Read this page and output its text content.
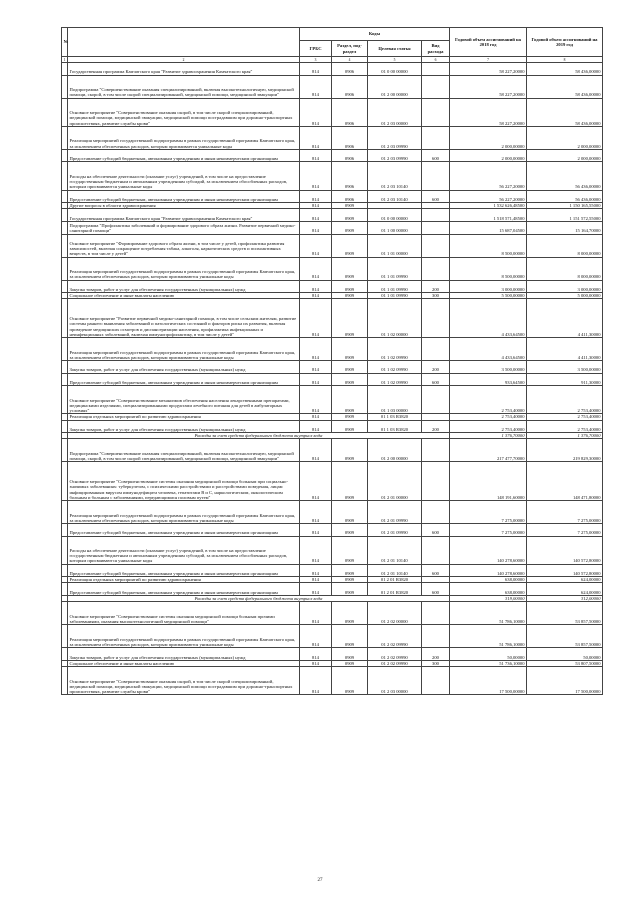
№	Наименование	Коды				Годовой объем ассигнований на 2018 год	Годовой объем ассигнований на 2019 год
		ГРБС	Раздел, под-раздел	Целевая статья	Вид расхода		
1	2	3	4	5	6	7	8
	Государственная программа Камчатского края "Развитие здравоохранения Камчатского края"	814	0906	01 0 00 00000		58 227,20000	58 436,00000
	Подпрограмма "Совершенствование оказания специализированной, включая высокотехнологичную, медицинской помощи, скорой, в том числе скорой специализированной, медицинской помощи, медицинской эвакуации"	814	0906	01 2 00 00000		58 227,20000	58 436,00000
	Основное мероприятие "Совершенствование оказания скорой, в том числе скорой специализированной, медицинской помощи, медицинской эвакуации, медицинской помощи пострадавшим при дорожно-транспортных происшествиях, развитие службы крови"	814	0906	01 2 03 00000		58 227,20000	58 436,00000
	Реализация мероприятий государственной подпрограммы в рамках государственной программы Камчатского края, за исключением обеспеченных расходов, которым присваивается уникальные коды	814	0906	01 2 03 09990		2 000,00000	2 000,00000
	Предоставление субсидий бюджетным, автономным учреждениям и иным некоммерческим организациям	814	0906	01 2 03 09990	600	2 000,00000	2 000,00000
	Расходы на обеспечение деятельности (оказание услуг) учреждений, в том числе на предоставление государственным бюджетным и автономным учреждениям субсидий, за исключением обособленных расходов, которым присваиваются уникальные коды	814	0906	01 2 03 10140		56 227,20000	56 436,00000
	Предоставление субсидий бюджетным, автономным учреждениям и иным некоммерческим организациям	814	0906	01 2 03 10140	600	56 227,20000	56 436,00000
	Другие вопросы в области здравоохранения	814	0909			1 532 626,48500	1 150 165,55000
	Государственная программа Камчатского края "Развитие здравоохранения Камчатского края"	814	0909	01 0 00 00000		1 518 571,48500	1 151 572,55000
	Подпрограмма "Профилактика заболеваний и формирование здорового образа жизни. Развитие первичной медико-санитарной помощи"	814	0909	01 1 00 00000		15 687,04500	15 164,70000
	Основное мероприятие "Формирование здорового образа жизни, в том числе у детей, профилактика развития зависимостей, включая сокращение потребления табака, алкоголя, наркотических средств и психоактивных веществ, в том числе у детей"	814	0909	01 1 01 00000		8 500,00000	8 000,00000
	Реализация мероприятий государственной подпрограммы в рамках государственной программы Камчатского края, за исключением обеспеченных расходов, которым присваиваются уникальные коды	814	0909	01 1 01 09990		8 500,00000	8 000,00000
	Закупка товаров, работ и услуг для обеспечения государственных (муниципальных) нужд	814	0909	01 1 01 09990	200	3 000,00000	3 000,00000
	Социальное обеспечение и иные выплаты населению	814	0909	01 1 01 09990	300	5 500,00000	5 000,00000
	Основное мероприятие "Развитие первичной медико-санитарной помощи, в том числе сельским жителям, развитие системы раннего выявления заболеваний и патологических состояний и факторов риска их развития, включая проведение медицинских осмотров и диспансеризации населения, профилактика инфекционных и неинфекционных заболеваний, включая иммунопрофилактику, в том числе у детей"	814	0909	01 1 02 00000		4 433,64500	4 411,30000
	Реализация мероприятий государственной подпрограммы в рамках государственной программы Камчатского края, за исключением обеспеченных расходов, которым присваиваются уникальные коды	814	0909	01 1 02 09990		4 433,64500	4 411,30000
	Закупка товаров, работ и услуг для обеспечения государственных (муниципальных) нужд	814	0909	01 1 02 09990	200	3 500,00000	3 500,00000
	Предоставление субсидий бюджетным, автономным учреждениям и иным некоммерческим организациям	814	0909	01 1 02 09990	600	933,64500	911,30000
	Основное мероприятие "Совершенствование механизмов обеспечения населения лекарственными препаратами, медицинскими изделиями, специализированными продуктами лечебного питания для детей в амбулаторных условиях"	814	0909	01 1 03 00000		2 753,40000	2 753,40000
	Реализация отдельных мероприятий по развитию здравоохранения	814	0909	01 1 03 R3820		2 753,40000	2 753,40000
	Закупка товаров, работ и услуг для обеспечения государственных (муниципальных) нужд	814	0909	01 1 03 R3820	200	2 753,40000	2 753,40000
	Расходы за счет средств федерального бюджета внутрисх кода					1 376,70000	1 376,70000
	Подпрограмма "Совершенствование оказания специализированной, включая высокотехнологичную, медицинской помощи, скорой, в том числе скорой специализированной, медицинской помощи, медицинской эвакуации"	814	0909	01 2 00 00000		217 477,70000	219 829,30000
	Основное мероприятие "Совершенствование системы оказания медицинской помощи больным при социально-значимых заболеваниях: туберкулезом, с психическими расстройствами и расстройствами поведения, лицам инфицированным вирусом иммунодефицита человека, гепатитами В и С, наркологическим, онкологическим больным и больным с заболеваниями, передающимися половым путем"	814	0909	01 2 01 00000		148 191,60000	148 471,80000
	Реализация мероприятий государственной подпрограммы в рамках государственной программы Камчатского края, за исключением обеспеченных расходов, которым присваиваются уникальные коды	814	0909	01 2 01 09990		7 275,00000	7 275,00000
	Предоставление субсидий бюджетным, автономным учреждениям и иным некоммерческим организациям	814	0909	01 2 01 09990	600	7 275,00000	7 275,00000
	Расходы на обеспечение деятельности (оказание услуг) учреждений, в том числе на предоставление государственным бюджетным и автономным учреждениям субсидий, за исключением обособленных расходов, которым присваиваются уникальные коды	814	0909	01 2 01 10140		140 278,60000	140 572,80000
	Предоставление субсидий бюджетным, автономным учреждениям и иным некоммерческим организациям	814	0909	01 2 01 10140	600	140 278,60000	140 572,80000
	Реализация отдельных мероприятий по развитию здравоохранения	814	0909	01 2 01 R3820		638,00000	624,00000
	Предоставление субсидий бюджетным, автономным учреждениям и иным некоммерческим организациям	814	0909	01 2 01 R3820	600	638,00000	624,00000
	Расходы за счет средств федерального бюджета внутрисх кода					319,00000	312,00000
	Основное мероприятие "Совершенствование системы оказания медицинской помощи больным прочими заболеваниями, оказания высокотехнологичной медицинской помощи"	814	0909	01 2 02 00000		51 786,10000	53 857,50000
	Реализация мероприятий государственной подпрограммы в рамках государственной программы Камчатского края, за исключением обеспеченных расходов, которым присваиваются уникальные коды	814	0909	01 2 02 09990		51 786,10000	53 857,50000
	Закупка товаров, работ и услуг для обеспечения государственных (муниципальных) нужд	814	0909	01 2 02 09990	200	50,00000	50,00000
	Социальное обеспечение и иные выплаты населению	814	0909	01 2 02 09990	300	51 736,10000	53 807,50000
	Основное мероприятие "Совершенствование оказания скорой, в том числе скорой специализированной, медицинской помощи, медицинской эвакуации, медицинской помощи пострадавшим при дорожно-транспортных происшествиях, развитие службы крови"	814	0909	01 2 03 00000		17 500,00000	17 500,00000
27
